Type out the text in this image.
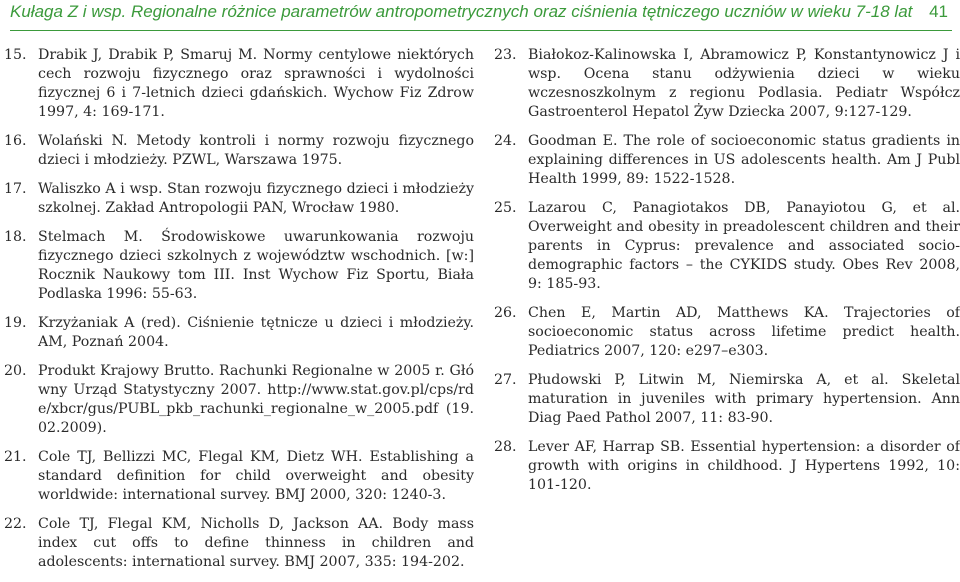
Kułaga Z i wsp. Regionalne różnice parametrów antropometrycznych oraz ciśnienia tętniczego uczniów w wieku 7-18 lat 41
15. Drabik J, Drabik P, Smaruj M. Normy centylowe niektórych cech rozwoju fizycznego oraz sprawności i wydolności fizycznej 6 i 7-letnich dzieci gdańskich. Wychow Fiz Zdrow 1997, 4: 169-171.
16. Wolański N. Metody kontroli i normy rozwoju fizycznego dzieci i młodzieży. PZWL, Warszawa 1975.
17. Waliszko A i wsp. Stan rozwoju fizycznego dzieci i młodzieży szkolnej. Zakład Antropologii PAN, Wrocław 1980.
18. Stelmach M. Środowiskowe uwarunkowania rozwoju fizycznego dzieci szkolnych z województw wschodnich. [w:] Rocznik Naukowy tom III. Inst Wychow Fiz Sportu, Biała Podlaska 1996: 55-63.
19. Krzyżaniak A (red). Ciśnienie tętnicze u dzieci i młodzieży. AM, Poznań 2004.
20. Produkt Krajowy Brutto. Rachunki Regionalne w 2005 r. Główny Urząd Statystyczny 2007. http://www.stat.gov.pl/cps/rde/xbcr/gus/PUBL_pkb_rachunki_regionalne_w_2005.pdf (19.02.2009).
21. Cole TJ, Bellizzi MC, Flegal KM, Dietz WH. Establishing a standard definition for child overweight and obesity worldwide: international survey. BMJ 2000, 320: 1240-3.
22. Cole TJ, Flegal KM, Nicholls D, Jackson AA. Body mass index cut offs to define thinness in children and adolescents: international survey. BMJ 2007, 335: 194-202.
23. Białokoz-Kalinowska I, Abramowicz P, Konstantynowicz J i wsp. Ocena stanu odżywienia dzieci w wieku wczesnoszkolnym z regionu Podlasia. Pediatr Współcz Gastroenterol Hepatol Żyw Dziecka 2007, 9:127-129.
24. Goodman E. The role of socioeconomic status gradients in explaining differences in US adolescents health. Am J Publ Health 1999, 89: 1522-1528.
25. Lazarou C, Panagiotakos DB, Panayiotou G, et al. Overweight and obesity in preadolescent children and their parents in Cyprus: prevalence and associated socio-demographic factors – the CYKIDS study. Obes Rev 2008, 9: 185-93.
26. Chen E, Martin AD, Matthews KA. Trajectories of socioeconomic status across lifetime predict health. Pediatrics 2007, 120: e297–e303.
27. Płudowski P, Litwin M, Niemirska A, et al. Skeletal maturation in juveniles with primary hypertension. Ann Diag Paed Pathol 2007, 11: 83-90.
28. Lever AF, Harrap SB. Essential hypertension: a disorder of growth with origins in childhood. J Hypertens 1992, 10: 101-120.
